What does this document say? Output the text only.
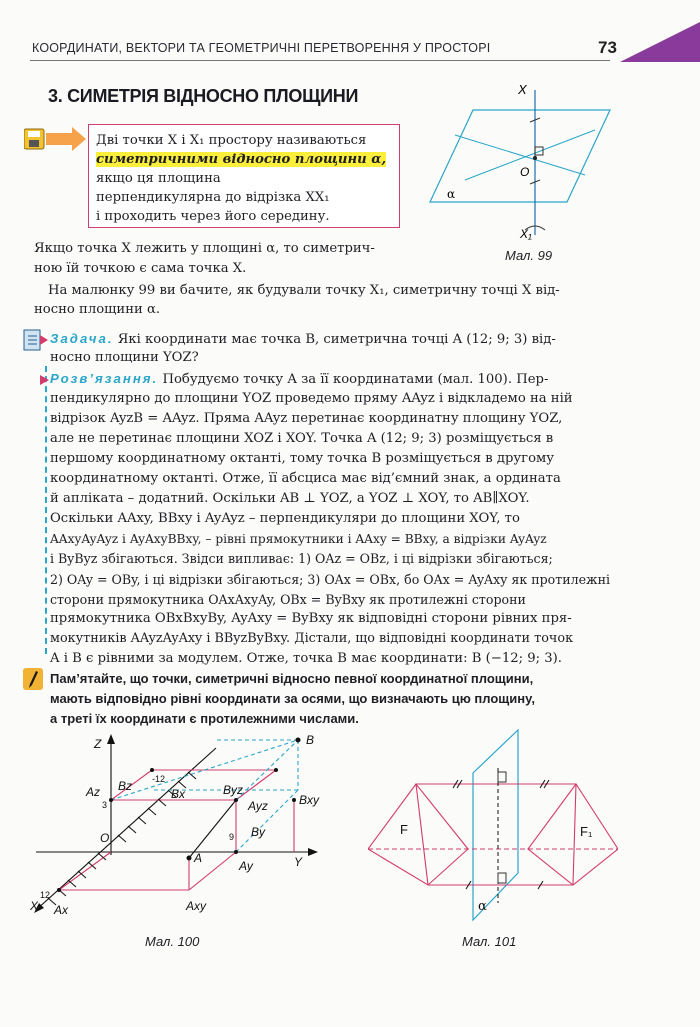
КООРДИНАТИ, ВЕКТОРИ ТА ГЕОМЕТРИЧНІ ПЕРЕТВОРЕННЯ У ПРОСТОРІ	73
3. СИМЕТРІЯ ВІДНОСНО ПЛОЩИНИ
Дві точки X і X₁ простору називаються
симетричними відносно площини α,
якщо ця площина
перпендикулярна до відрізка XX₁
і проходить через його середину.
X
O
α
X₁
Мал. 99
Якщо точка X лежить у площині α, то симетрич-
ною їй точкою є сама точка X.
На малюнку 99 ви бачите, як будували точку X₁, симетричну точці X від-
носно площини α.
Задача. Які координати має точка B, симетрична точці A (12; 9; 3) від-
носно площини YOZ?
Розв’язання. Побудуємо точку A за її координатами (мал. 100). Пер-
пендикулярно до площини YOZ проведемо пряму AAyz і відкладемо на ній
відрізок AyzB = AAyz. Пряма AAyz перетинає координатну площину YOZ,
але не перетинає площини XOZ і XOY. Точка A (12; 9; 3) розміщується в
першому координатному октанті, тому точка B розміщується в другому
координатному октанті. Отже, її абсциса має від’ємний знак, а ордината
й апліката – додатний. Оскільки AB ⊥ YOZ, а YOZ ⊥ XOY, то AB∥XOY.
Оскільки AAxy, BBxy і AyAyz – перпендикуляри до площини XOY, то
AAxyAyAyz і AyAxyBBxy, – рівні прямокутники і AAxy = BBxy, а відрізки AyAyz
і ByByz збігаються. Звідси випливає: 1) OAz = OBz, і ці відрізки збігаються;
2) OAy = OBy, і ці відрізки збігаються; 3) OAx = OBx, бо OAx = AyAxy як протилежні сторони прямокутника OAxAxyAy, OBx = ByBxy як протилежні сторони
прямокутника OBxBxyBy, AyAxy = ByBxy як відповідні сторони рівних пря-
мокутників AAyzAyAxy і BByzByBxy. Дістали, що відповідні координати точок
A і B є рівними за модулем. Отже, точка B має координати: B (−12; 9; 3).
Пам’ятайте, що точки, симетричні відносно певної координатної площини,
мають відповідно рівні координати за осями, що визначають цю площину,
а треті їх координати є протилежними числами.
Z
Y
X
O
A
B
Az Bz
Bx	Byz
Ayz	Bxy
By
Ay
Ax	Axy
12
-12
3
9
Мал. 100
F	F₁
α
Мал. 101
